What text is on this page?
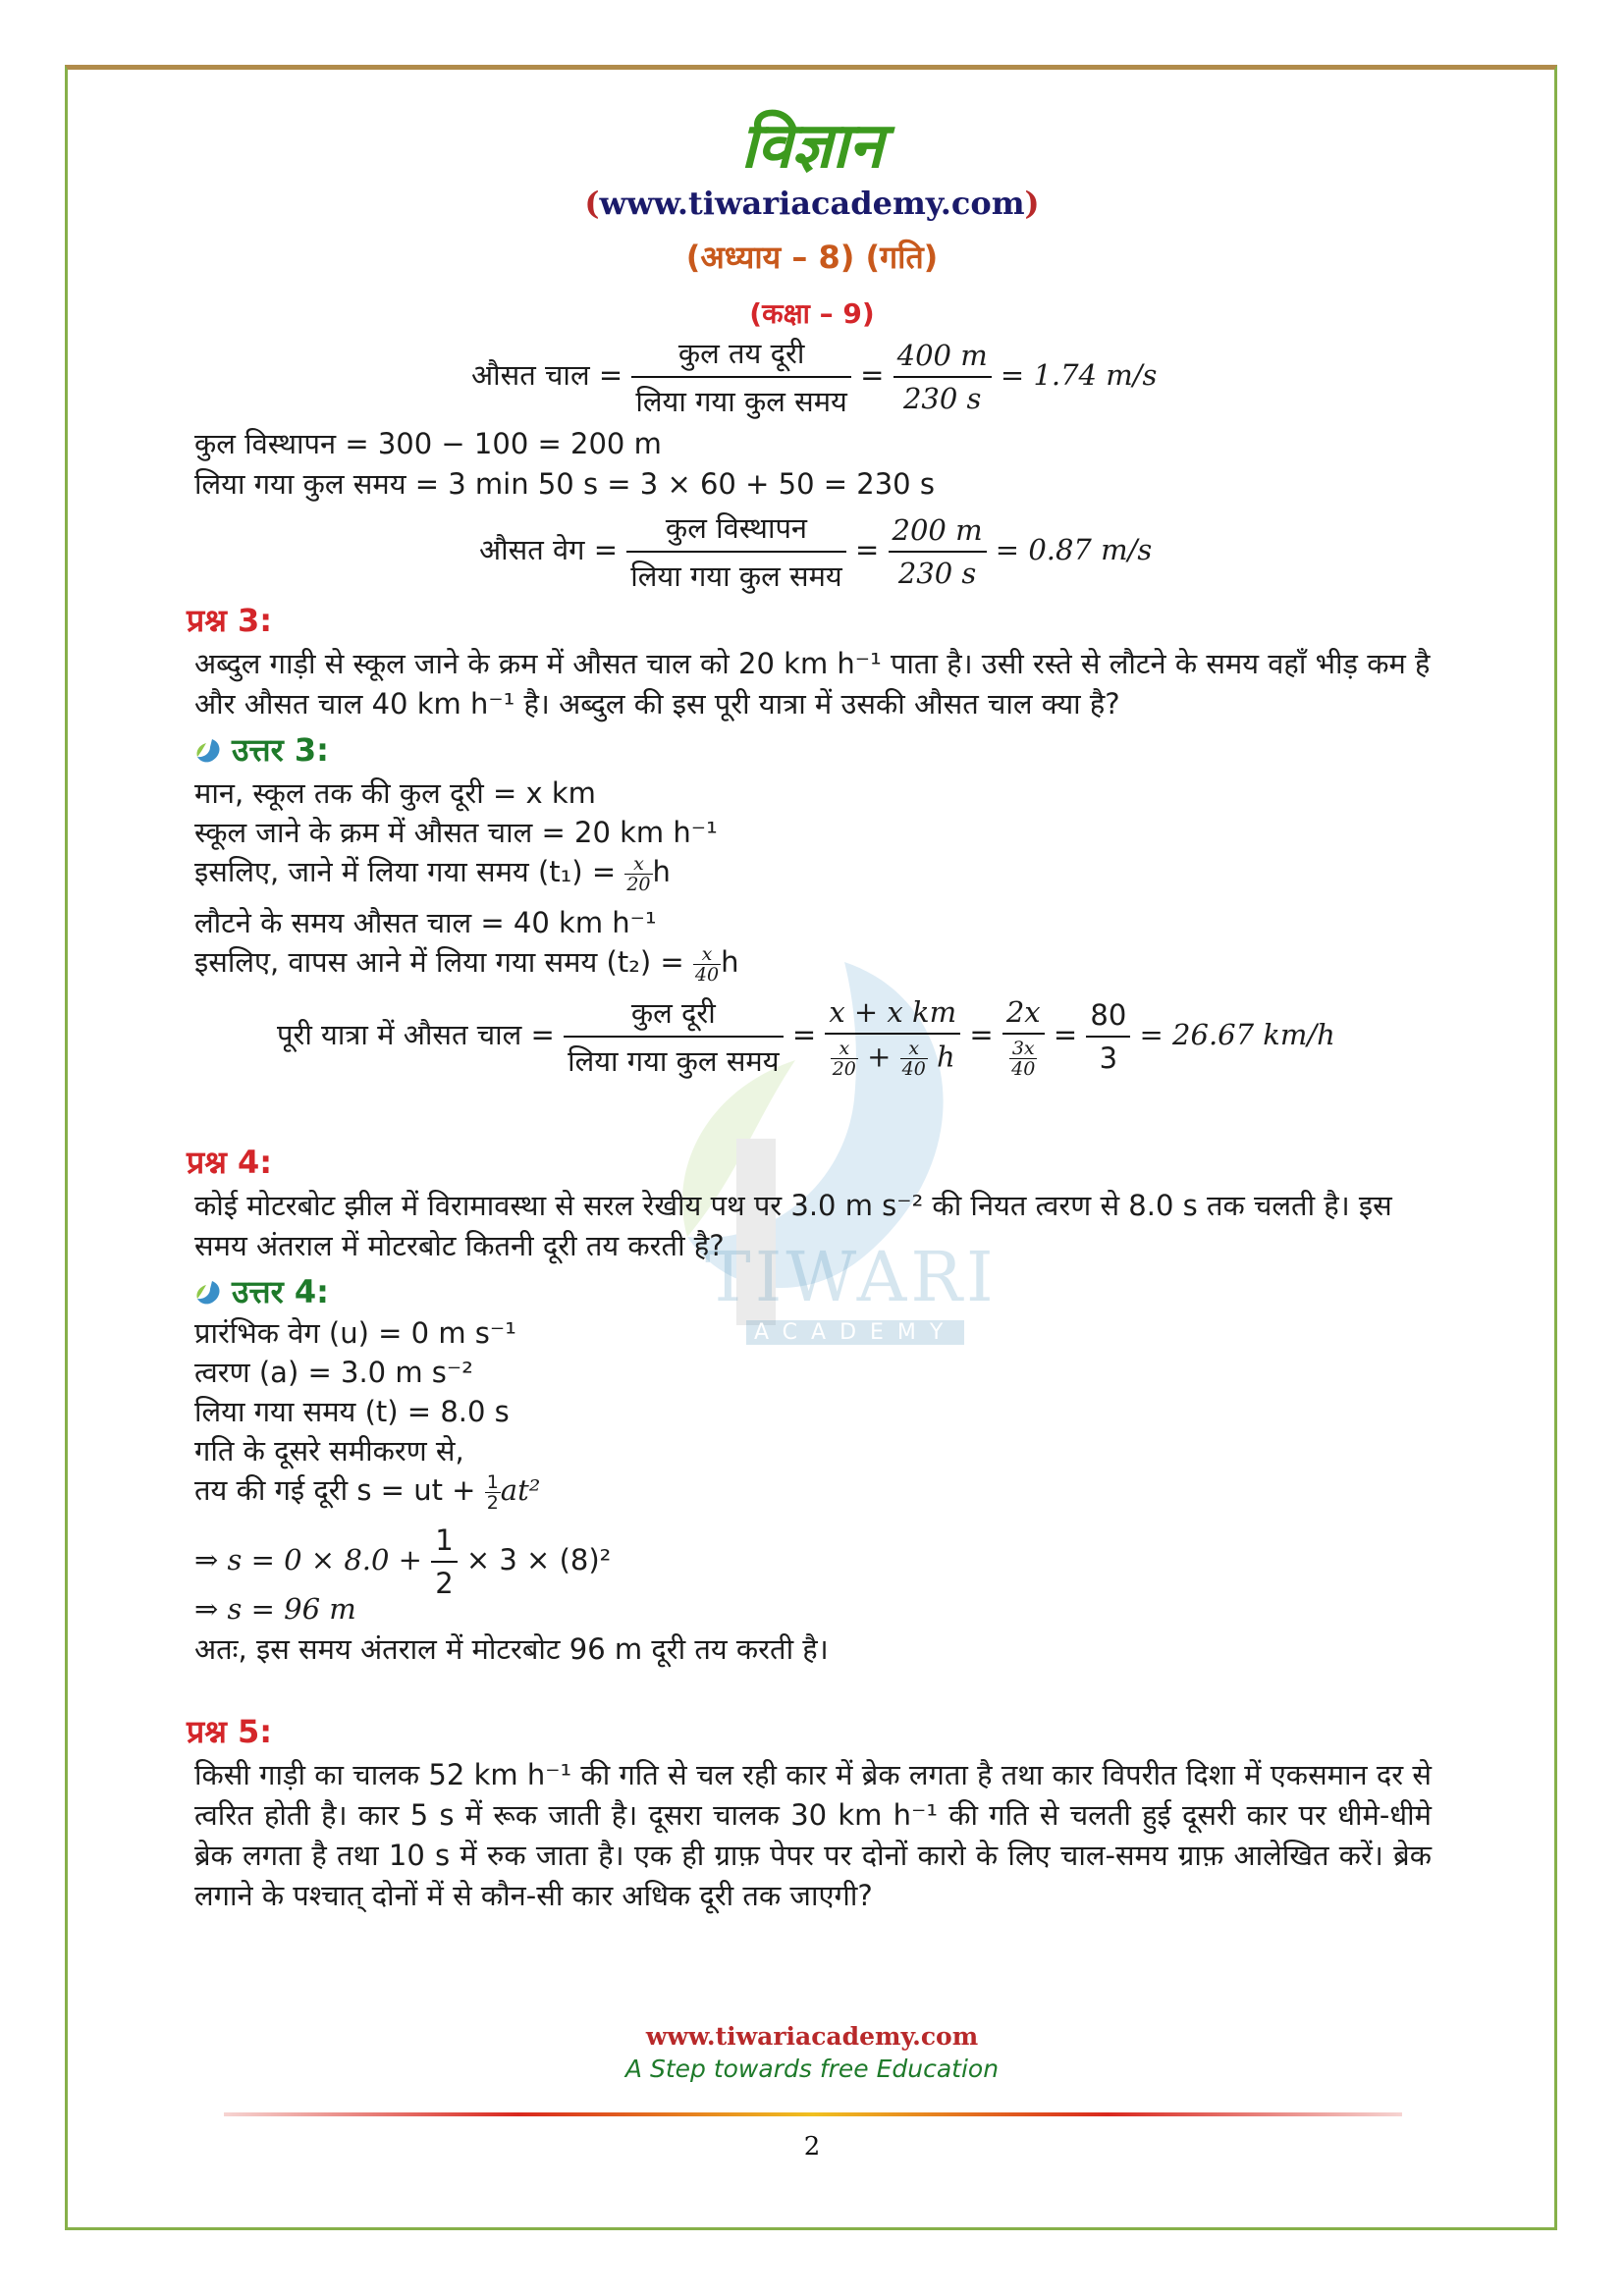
TIWARI
ACADEMY
विज्ञान
(www.tiwariacademy.com)
(अध्याय – 8) (गति)
(कक्षा – 9)
औसत चाल = $\frac{\text{कुल तय दूरी}}{\text{लिया गया कुल समय}} = \frac{400 m}{230 s} = 1.74$ m/s
कुल विस्थापन = 300 − 100 = 200 m
लिया गया कुल समय = 3 min 50 s = 3 × 60 + 50 = 230 s
औसत वेग = $\frac{\text{कुल विस्थापन}}{\text{लिया गया कुल समय}} = \frac{200 m}{230 s} = 0.87$ m/s
प्रश्न 3:
अब्दुल गाड़ी से स्कूल जाने के क्रम में औसत चाल को 20 km h⁻¹ पाता है। उसी रस्ते से लौटने के समय वहाँ भीड़ कम है और औसत चाल 40 km h⁻¹ है। अब्दुल की इस पूरी यात्रा में उसकी औसत चाल क्या है?
उत्तर 3:
मान, स्कूल तक की कुल दूरी = x km
स्कूल जाने के क्रम में औसत चाल = 20 km h⁻¹
इसलिए, जाने में लिया गया समय $(t_1) = \frac{x}{20}$ h
लौटने के समय औसत चाल = 40 km h⁻¹
इसलिए, वापस आने में लिया गया समय $(t_2) = \frac{x}{40}$ h
पूरी यात्रा में औसत चाल = $\frac{\text{कुल दूरी}}{\text{लिया गया कुल समय}} = \frac{\text{x + x km}}{\frac{x}{20} + \frac{x}{40} h} = \frac{2x}{\frac{3x}{40}} = \frac{80}{3} = 26.67$ km/h
प्रश्न 4:
कोई मोटरबोट झील में विरामावस्था से सरल रेखीय पथ पर 3.0 m s⁻² की नियत त्वरण से 8.0 s तक चलती है। इस समय अंतराल में मोटरबोट कितनी दूरी तय करती है?
उत्तर 4:
प्रारंभिक वेग (u) = 0 m s⁻¹
त्वरण (a) = 3.0 m s⁻²
लिया गया समय (t) = 8.0 s
गति के दूसरे समीकरण से,
तय की गई दूरी s = ut + $\frac{1}{2} at^2$
⇒ $s = 0 \times 8.0 + \frac{1}{2} \times 3 \times (8)^2$
⇒ s = 96 m
अतः, इस समय अंतराल में मोटरबोट 96 m दूरी तय करती है।
प्रश्न 5:
किसी गाड़ी का चालक 52 km h⁻¹ की गति से चल रही कार में ब्रेक लगता है तथा कार विपरीत दिशा में एकसमान दर से त्वरित होती है। कार 5 s में रूक जाती है। दूसरा चालक 30 km h⁻¹ की गति से चलती हुई दूसरी कार पर धीमे-धीमे ब्रेक लगता है तथा 10 s में रुक जाता है। एक ही ग्राफ़ पेपर पर दोनों कारो के लिए चाल-समय ग्राफ़ आलेखित करें। ब्रेक लगाने के पश्चात् दोनों में से कौन-सी कार अधिक दूरी तक जाएगी?
www.tiwariacademy.com
A Step towards free Education
2
